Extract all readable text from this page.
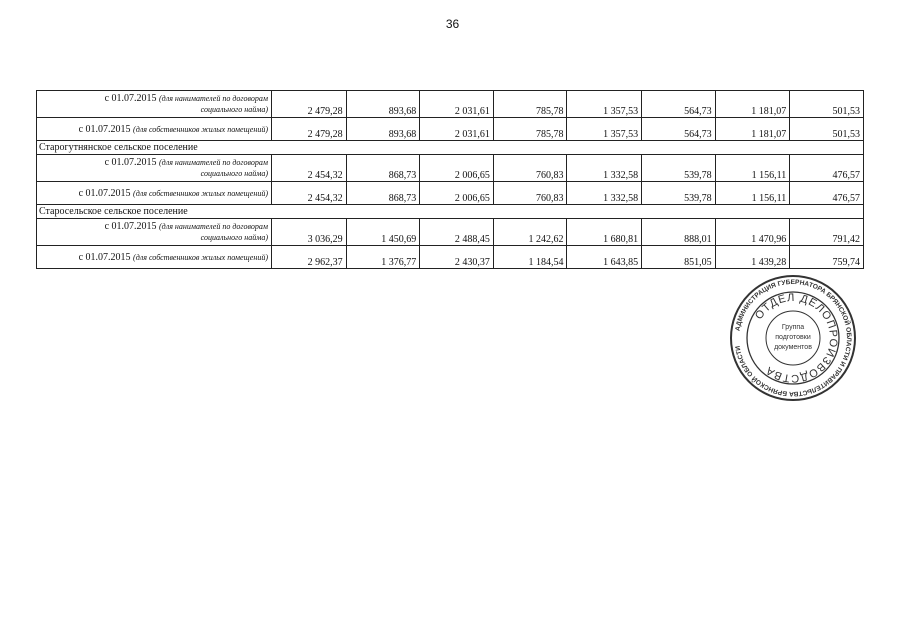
36
с 01.07.2015 (для нанимателей по договорам
социального найма)	2 479,28	893,68	2 031,61	785,78	1 357,53	564,73	1 181,07	501,53
с 01.07.2015 (для собственников жилых помещений)	2 479,28	893,68	2 031,61	785,78	1 357,53	564,73	1 181,07	501,53
Старогутнянское сельское поселение								
с 01.07.2015 (для нанимателей по договорам
социального найма)	2 454,32	868,73	2 006,65	760,83	1 332,58	539,78	1 156,11	476,57
с 01.07.2015 (для собственников жилых помещений)	2 454,32	868,73	2 006,65	760,83	1 332,58	539,78	1 156,11	476,57
Старосельское сельское поселение								
с 01.07.2015 (для нанимателей по договорам
социального найма)	3 036,29	1 450,69	2 488,45	1 242,62	1 680,81	888,01	1 470,96	791,42
с 01.07.2015 (для собственников жилых помещений)	2 962,37	1 376,77	2 430,37	1 184,54	1 643,85	851,05	1 439,28	759,74
АДМИНИСТРАЦИЯ ГУБЕРНАТОРА БРЯНСКОЙ ОБЛАСТИ И ПРАВИТЕЛЬСТВА БРЯНСКОЙ ОБЛАСТИ
ОТДЕЛ ДЕЛОПРОИЗВОДСТВА
Группа
подготовки
документов
